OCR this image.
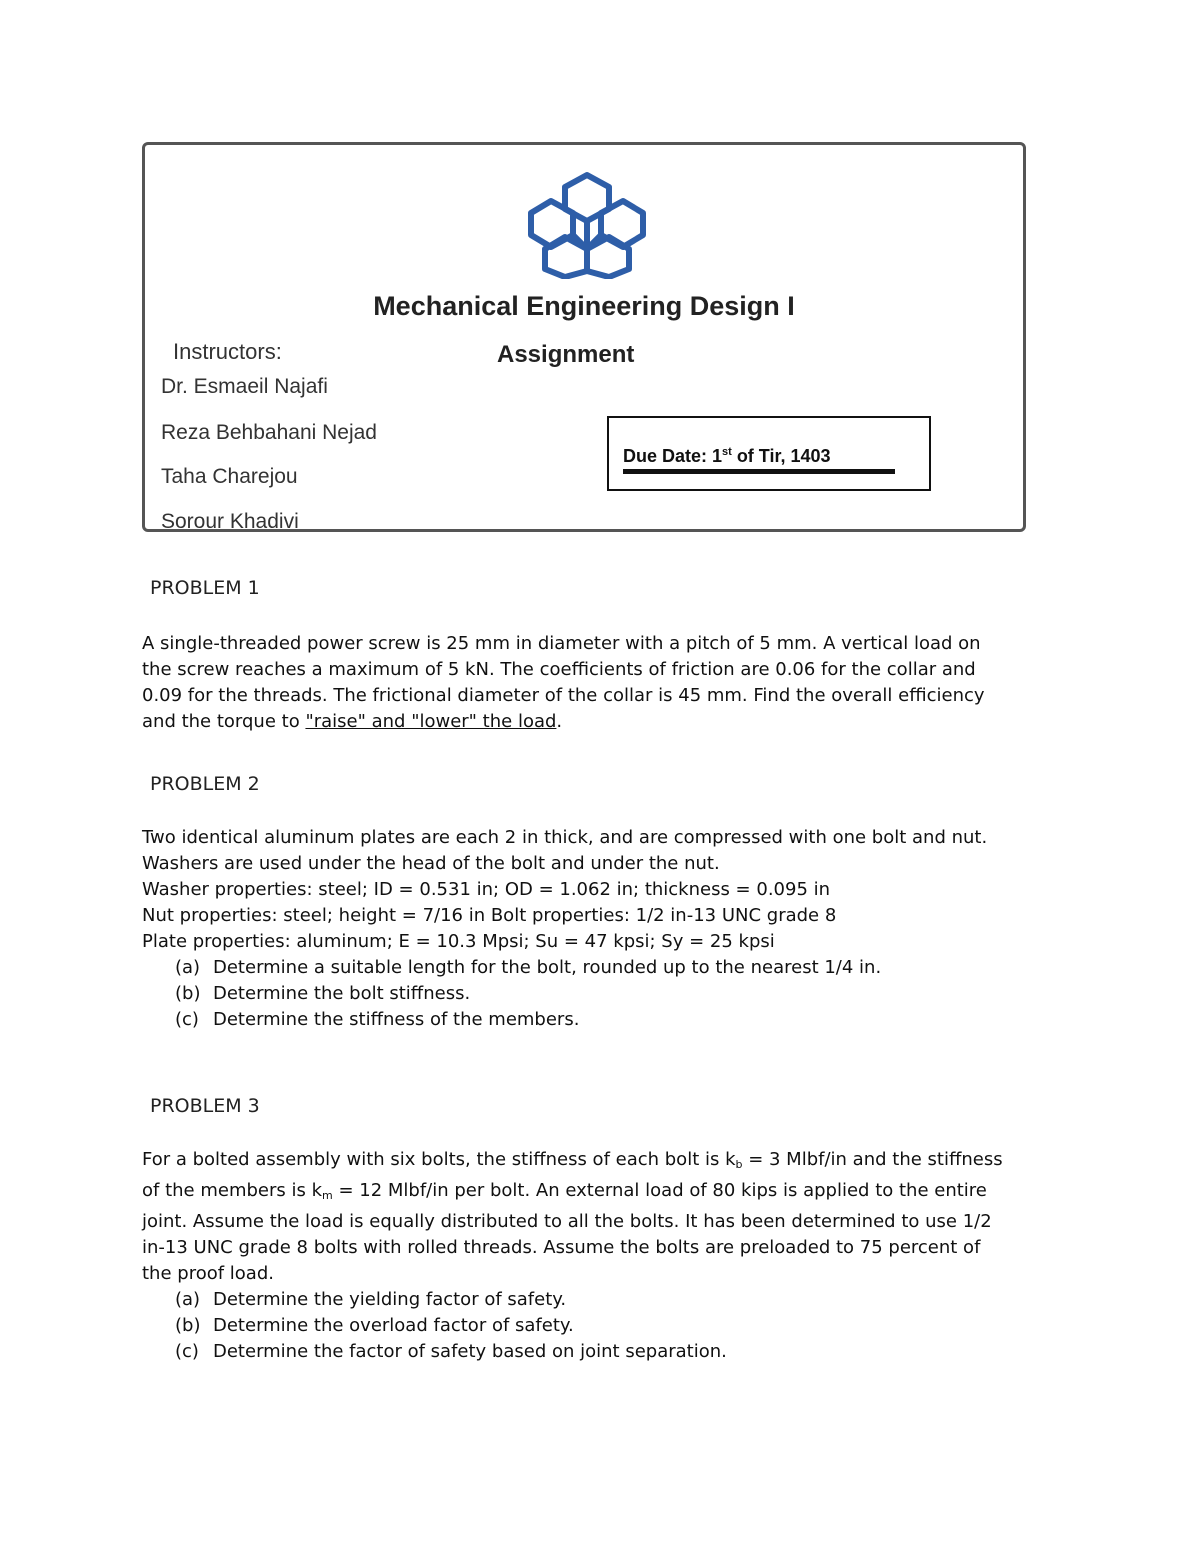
Mechanical Engineering Design I
Instructors:	Assignment
Dr. Esmaeil Najafi
Reza Behbahani Nejad
Taha Charejou
Sorour Khadivi
Due Date: 1st of Tir, 1403
PROBLEM 1
A single-threaded power screw is 25 mm in diameter with a pitch of 5 mm. A vertical load on
the screw reaches a maximum of 5 kN. The coefficients of friction are 0.06 for the collar and
0.09 for the threads. The frictional diameter of the collar is 45 mm. Find the overall efficiency
and the torque to "raise" and "lower" the load.
PROBLEM 2
Two identical aluminum plates are each 2 in thick, and are compressed with one bolt and nut.
Washers are used under the head of the bolt and under the nut.
Washer properties: steel; ID = 0.531 in; OD = 1.062 in; thickness = 0.095 in
Nut properties: steel; height = 7/16 in Bolt properties: 1/2 in-13 UNC grade 8
Plate properties: aluminum; E = 10.3 Mpsi; Su = 47 kpsi; Sy = 25 kpsi
(a) Determine a suitable length for the bolt, rounded up to the nearest 1/4 in.
(b) Determine the bolt stiffness.
(c) Determine the stiffness of the members.
PROBLEM 3
For a bolted assembly with six bolts, the stiffness of each bolt is $k_b = 3$ Mlbf/in and the stiffness
of the members is $k_m = 12$ Mlbf/in per bolt. An external load of 80 kips is applied to the entire
joint. Assume the load is equally distributed to all the bolts. It has been determined to use 1/2
in-13 UNC grade 8 bolts with rolled threads. Assume the bolts are preloaded to 75 percent of
the proof load.
(a) Determine the yielding factor of safety.
(b) Determine the overload factor of safety.
(c) Determine the factor of safety based on joint separation.
